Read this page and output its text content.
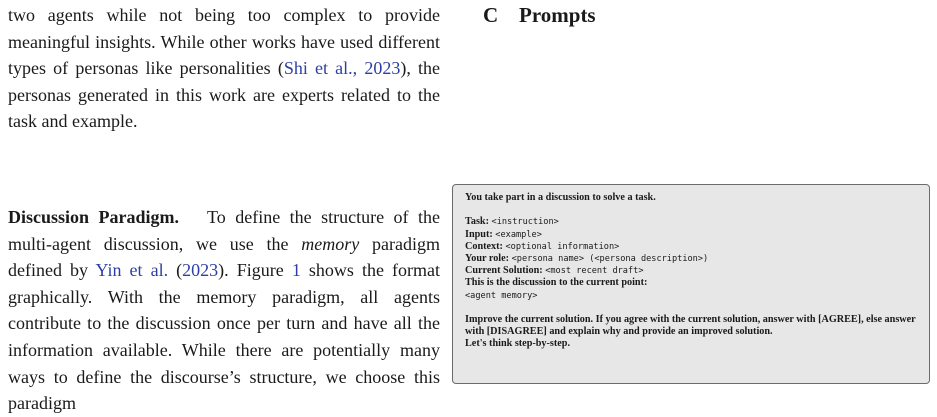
two agents while not being too complex to provide meaningful insights. While other works have used different types of personas like personalities (Shi et al., 2023), the personas generated in this work are experts related to the task and example.

Discussion Paradigm. To define the structure of the multi-agent discussion, we use the memory paradigm defined by Yin et al. (2023). Figure 1 shows the format graphically. With the memory paradigm, all agents contribute to the discussion once per turn and have all the information available. While there are potentially many ways to define the discourse’s structure, we choose this paradigm

C Prompts
You take part in a discussion to solve a task.
Task: <instruction>
Input: <example>
Context: <optional information>
Your role: <persona name> (<persona description>)
Current Solution: <most recent draft>
This is the discussion to the current point:
<agent memory>
Improve the current solution. If you agree with the current solution, answer with [AGREE], else answer with [DISAGREE] and explain why and provide an improved solution.
Let's think step-by-step.
